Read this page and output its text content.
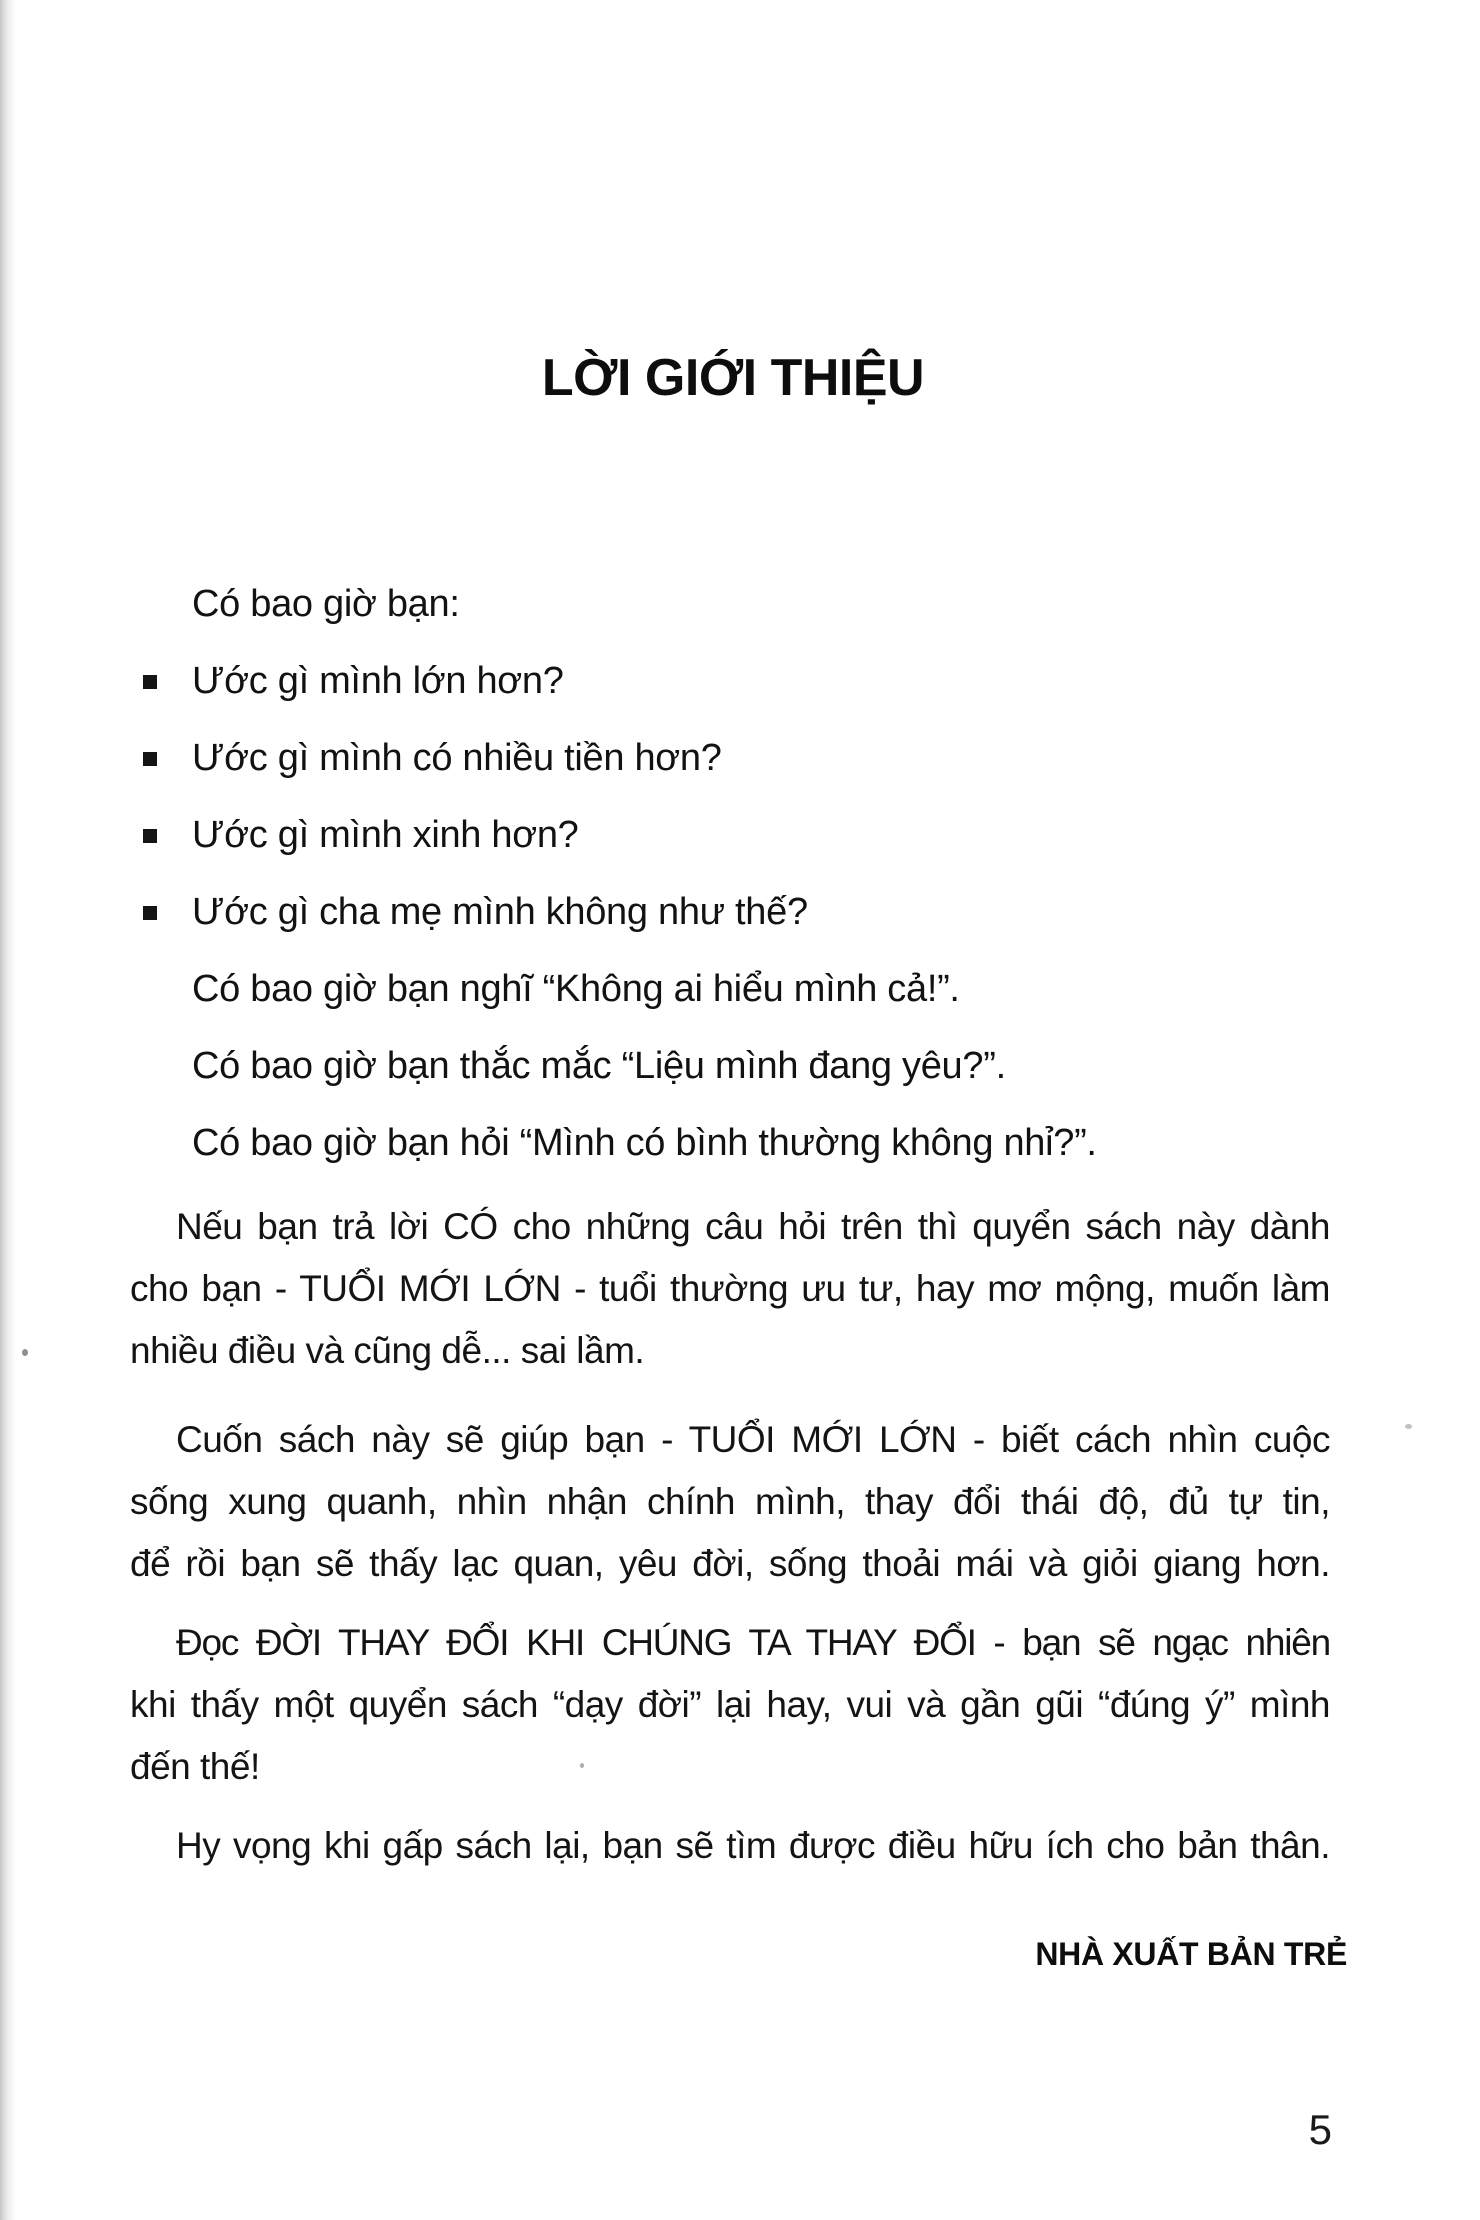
LỜI GIỚI THIỆU
Có bao giờ bạn:
Ước gì mình lớn hơn?
Ước gì mình có nhiều tiền hơn?
Ước gì mình xinh hơn?
Ước gì cha mẹ mình không như thế?
Có bao giờ bạn nghĩ “Không ai hiểu mình cả!”.
Có bao giờ bạn thắc mắc “Liệu mình đang yêu?”.
Có bao giờ bạn hỏi “Mình có bình thường không nhỉ?”.
Nếu bạn trả lời CÓ cho những câu hỏi trên thì quyển sách này dành
cho bạn - TUỔI MỚI LỚN - tuổi thường ưu tư, hay mơ mộng, muốn làm
nhiều điều và cũng dễ... sai lầm.
Cuốn sách này sẽ giúp bạn - TUỔI MỚI LỚN - biết cách nhìn cuộc
sống xung quanh, nhìn nhận chính mình, thay đổi thái độ, đủ tự tin,
để rồi bạn sẽ thấy lạc quan, yêu đời, sống thoải mái và giỏi giang hơn.
Đọc ĐỜI THAY ĐỔI KHI CHÚNG TA THAY ĐỔI - bạn sẽ ngạc nhiên
khi thấy một quyển sách “dạy đời” lại hay, vui và gần gũi “đúng ý” mình
đến thế!
Hy vọng khi gấp sách lại, bạn sẽ tìm được điều hữu ích cho bản thân.
NHÀ XUẤT BẢN TRẺ
5
